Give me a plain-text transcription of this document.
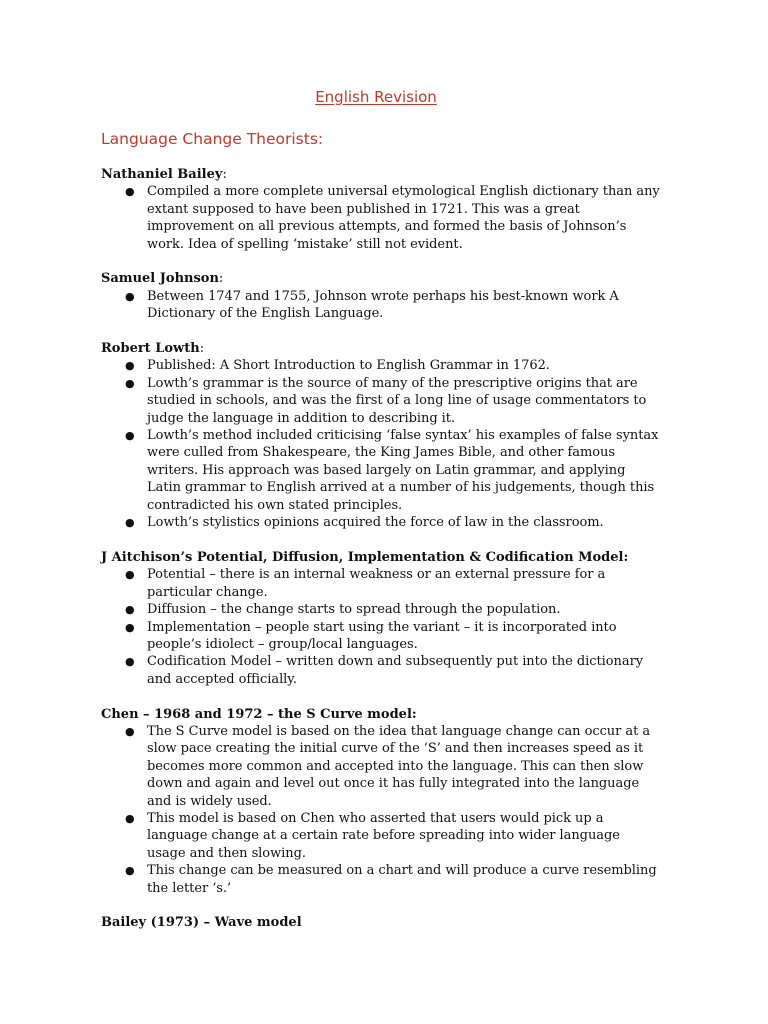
English Revision
Language Change Theorists:
Nathaniel Bailey:
● Compiled a more complete universal etymological English dictionary than any extant supposed to have been published in 1721. This was a great improvement on all previous attempts, and formed the basis of Johnson’s work. Idea of spelling ‘mistake’ still not evident.
Samuel Johnson:
● Between 1747 and 1755, Johnson wrote perhaps his best-known work A Dictionary of the English Language.
Robert Lowth:
● Published: A Short Introduction to English Grammar in 1762.
● Lowth’s grammar is the source of many of the prescriptive origins that are studied in schools, and was the first of a long line of usage commentators to judge the language in addition to describing it.
● Lowth’s method included criticising ‘false syntax’ his examples of false syntax were culled from Shakespeare, the King James Bible, and other famous writers. His approach was based largely on Latin grammar, and applying Latin grammar to English arrived at a number of his judgements, though this contradicted his own stated principles.
● Lowth’s stylistics opinions acquired the force of law in the classroom.
J Aitchison’s Potential, Diffusion, Implementation & Codification Model:
● Potential – there is an internal weakness or an external pressure for a particular change.
● Diffusion – the change starts to spread through the population.
● Implementation – people start using the variant – it is incorporated into people’s idiolect – group/local languages.
● Codification Model – written down and subsequently put into the dictionary and accepted officially.
Chen – 1968 and 1972 – the S Curve model:
● The S Curve model is based on the idea that language change can occur at a slow pace creating the initial curve of the ‘S’ and then increases speed as it becomes more common and accepted into the language. This can then slow down and again and level out once it has fully integrated into the language and is widely used.
● This model is based on Chen who asserted that users would pick up a language change at a certain rate before spreading into wider language usage and then slowing.
● This change can be measured on a chart and will produce a curve resembling the letter ‘s.’
Bailey (1973) – Wave model
